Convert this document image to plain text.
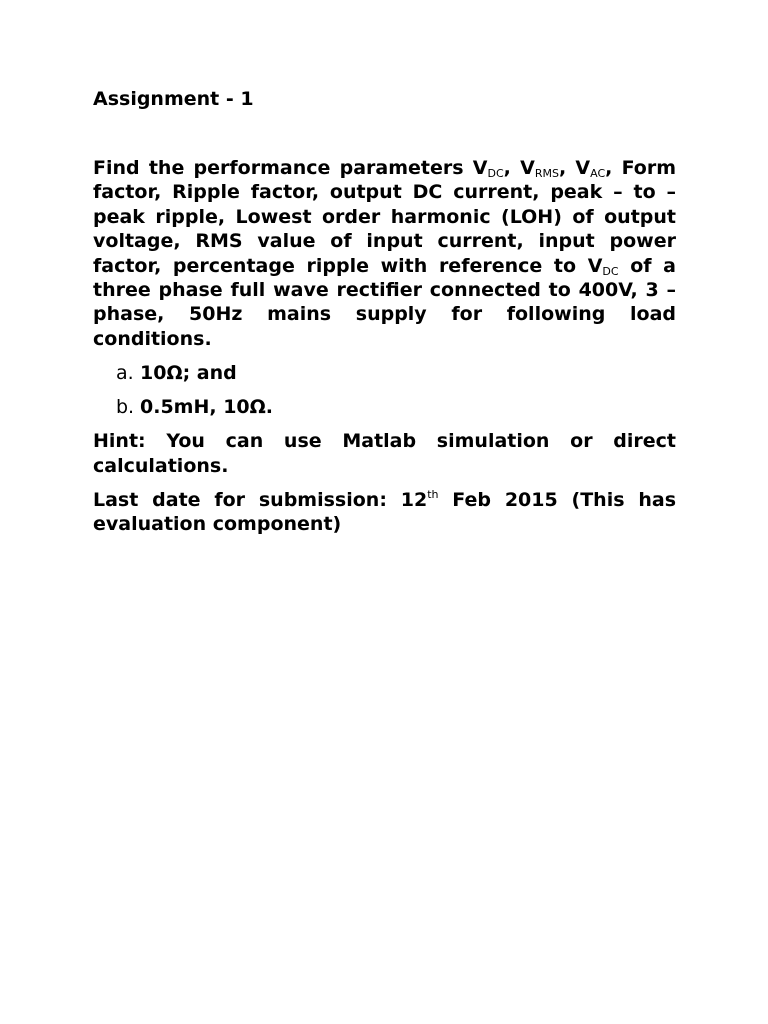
Assignment - 1

Find the performance parameters $V_{DC}$, $V_{RMS}$, $V_{AC}$, Form factor, Ripple factor, output DC current, peak – to – peak ripple, Lowest order harmonic (LOH) of output voltage, RMS value of input current, input power factor, percentage ripple with reference to $V_{DC}$ of a three phase full wave rectifier connected to 400V, 3 – phase, 50Hz mains supply for following load conditions.

a. 10Ω; and
b. 0.5mH, 10Ω.

Hint: You can use Matlab simulation or direct calculations.

Last date for submission: 12th Feb 2015 (This has evaluation component)
